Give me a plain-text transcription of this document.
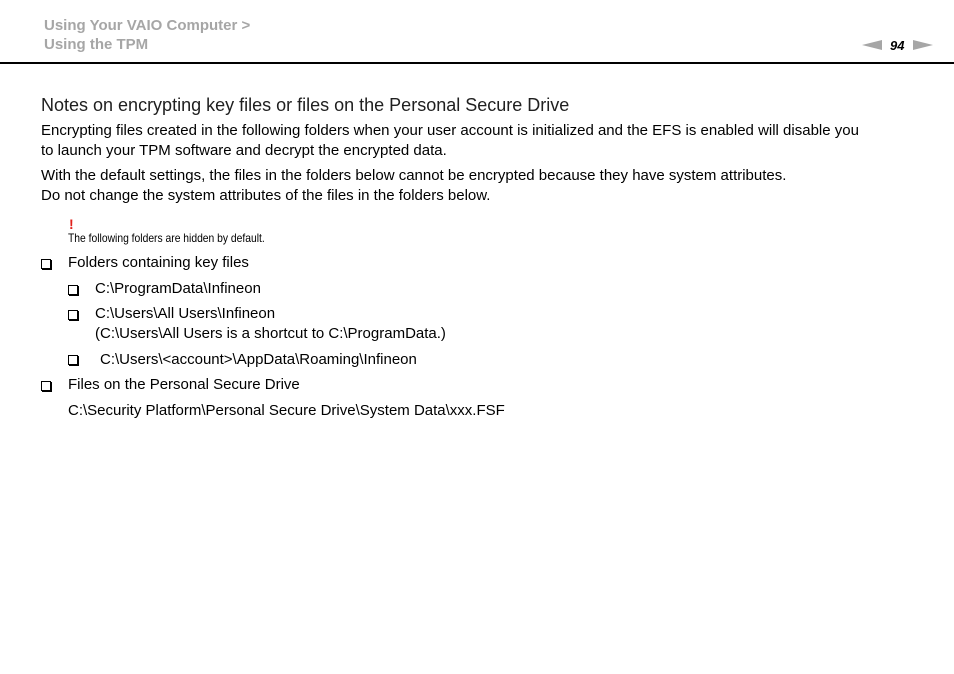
Using Your VAIO Computer >
Using the TPM	94
Notes on encrypting key files or files on the Personal Secure Drive
Encrypting files created in the following folders when your user account is initialized and the EFS is enabled will disable you
to launch your TPM software and decrypt the encrypted data.
With the default settings, the files in the folders below cannot be encrypted because they have system attributes.
Do not change the system attributes of the files in the folders below.
!
The following folders are hidden by default.
Folders containing key files
C:\ProgramData\Infineon
C:\Users\All Users\Infineon
(C:\Users\All Users is a shortcut to C:\ProgramData.)
C:\Users\<account>\AppData\Roaming\Infineon
Files on the Personal Secure Drive
C:\Security Platform\Personal Secure Drive\System Data\xxx.FSF
